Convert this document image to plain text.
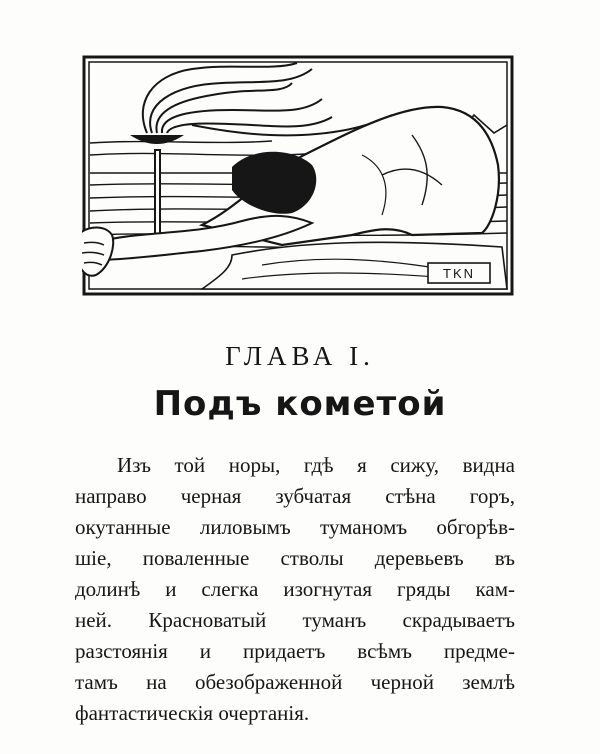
TKN
ГЛАВА I.
Подъ кометой
Изъ той норы, гдѣ я сижу, видна
направо черная зубчатая стѣна горъ,
окутанные лиловымъ туманомъ обгорѣв-
шіе, поваленные стволы деревьевъ въ
долинѣ и слегка изогнутая гряды кам-
ней. Красноватый туманъ скрадываетъ
разстоянія и придаетъ всѣмъ предме-
тамъ на обезображенной черной землѣ
фантастическія очертанія.
